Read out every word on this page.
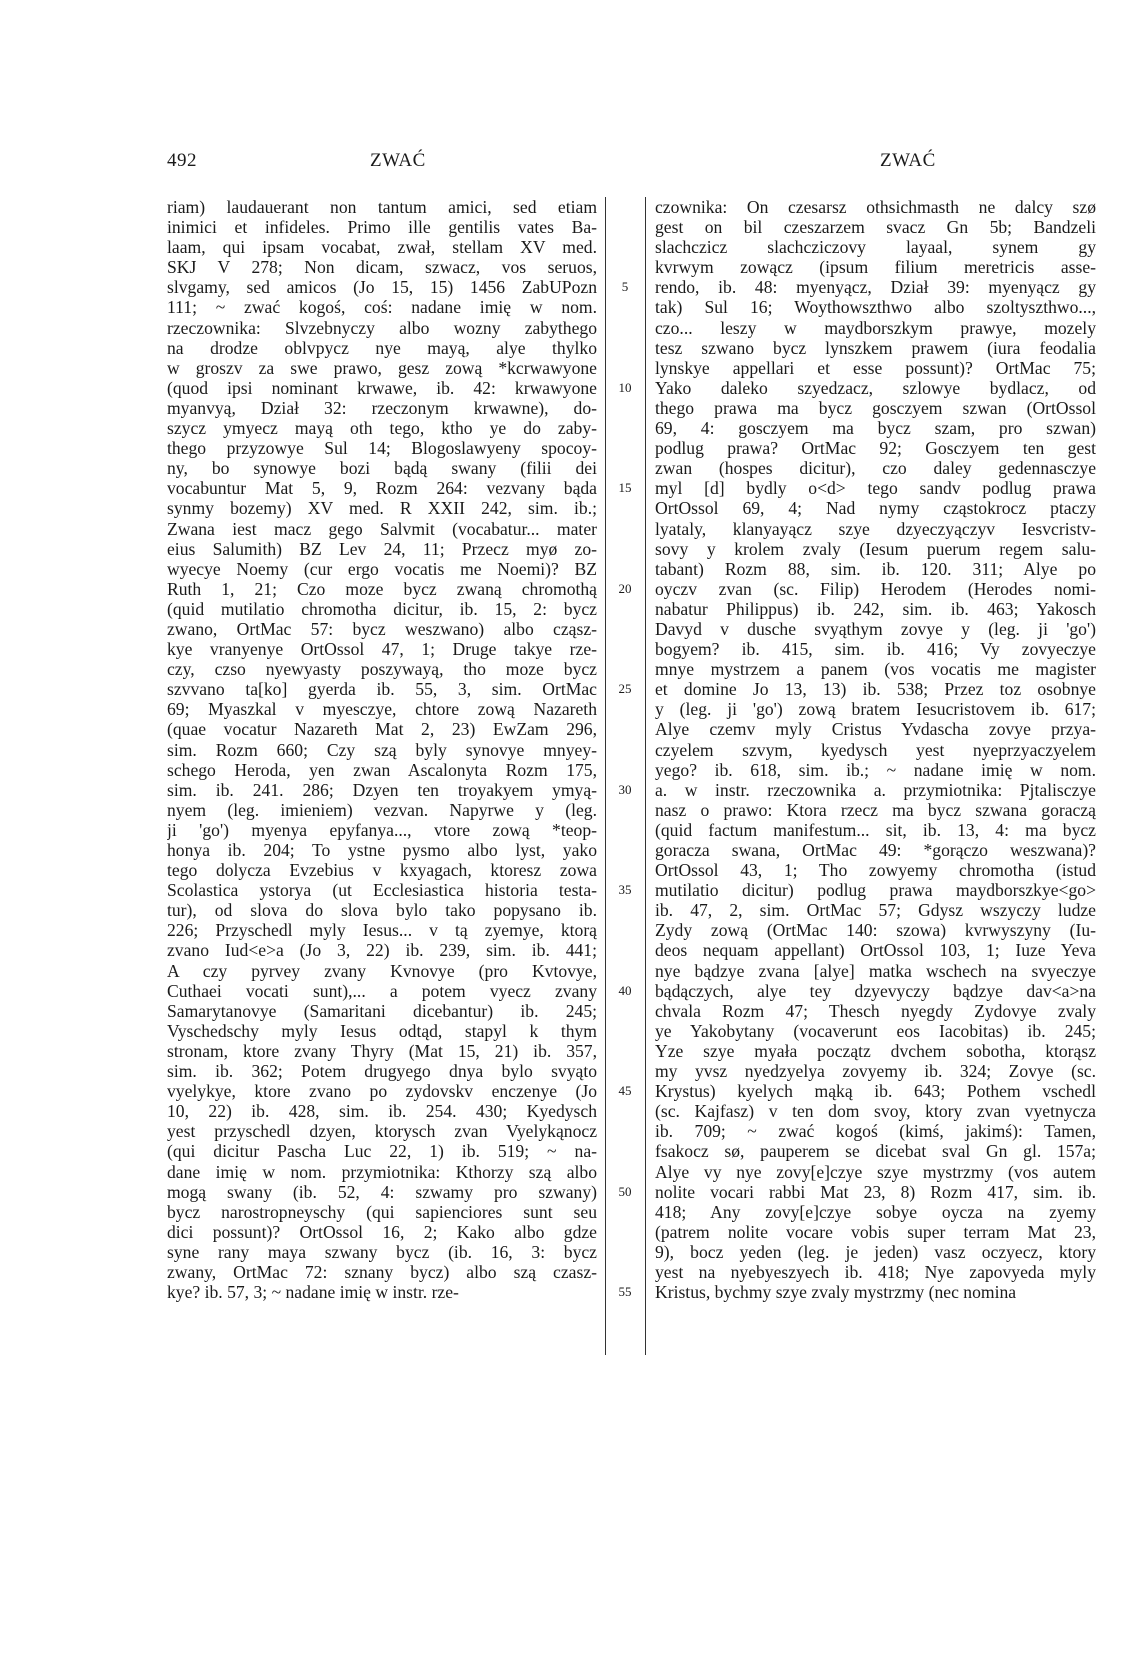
492	ZWAĆ	ZWAĆ
riam) laudauerant non tantum amici, sed etiam
inimici et infideles. Primo ille gentilis vates Ba-
laam, qui ipsam vocabat, zwał, stellam XV med.
SKJ V 278; Non dicam, szwacz, vos seruos,
slvgamy, sed amicos (Jo 15, 15) 1456 ZabUPozn
111; ~ zwać kogoś, coś: nadane imię w nom.
rzeczownika: Slvzebnyczy albo wozny zabythego
na drodze oblvpycz nye mayą, alye thylko
w groszv za swe prawo, gesz zową *kcrwawyone
(quod ipsi nominant krwawe, ib. 42: krwawyone
myanvyą, Dział 32: rzeczonym krwawne), do-
szycz ymyecz mayą oth tego, ktho ye do zaby-
thego przyzowye Sul 14; Blogoslawyeny spocoy-
ny, bo synowye bozi bądą swany (filii dei
vocabuntur Mat 5, 9, Rozm 264: vezvany bąda
synmy bozemy) XV med. R XXII 242, sim. ib.;
Zwana iest macz gego Salvmit (vocabatur... mater
eius Salumith) BZ Lev 24, 11; Przecz myø zo-
wyecye Noemy (cur ergo vocatis me Noemi)? BZ
Ruth 1, 21; Czo moze bycz zwaną chromothą
(quid mutilatio chromotha dicitur, ib. 15, 2: bycz
zwano, OrtMac 57: bycz weszwano) albo cząsz-
kye vranyenye OrtOssol 47, 1; Druge takye rze-
czy, czso nyewyasty poszywayą, tho moze bycz
szvvano ta[ko] gyerda ib. 55, 3, sim. OrtMac
69; Myaszkal v myesczye, chtore zową Nazareth
(quae vocatur Nazareth Mat 2, 23) EwZam 296,
sim. Rozm 660; Czy szą byly synovye mnyey-
schego Heroda, yen zwan Ascalonyta Rozm 175,
sim. ib. 241. 286; Dzyen ten troyakyem ymyą-
nyem (leg. imieniem) vezvan. Napyrwe y (leg.
ji 'go') myenya epyfanya..., vtore zową *teop-
honya ib. 204; To ystne pysmo albo lyst, yako
tego dolycza Evzebius v kxyagach, ktoresz zowa
Scolastica ystorya (ut Ecclesiastica historia testa-
tur), od slova do slova bylo tako popysano ib.
226; Przyschedl myly Iesus... v tą zyemye, ktorą
zvano Iud<e>a (Jo 3, 22) ib. 239, sim. ib. 441;
A czy pyrvey zvany Kvnovye (pro Kvtovye,
Cuthaei vocati sunt),... a potem vyecz zvany
Samarytanovye (Samaritani dicebantur) ib. 245;
Vyschedschy myly Iesus odtąd, stapyl k thym
stronam, ktore zvany Thyry (Mat 15, 21) ib. 357,
sim. ib. 362; Potem drugyego dnya bylo svyąto
vyelykye, ktore zvano po zydovskv enczenye (Jo
10, 22) ib. 428, sim. ib. 254. 430; Kyedysch
yest przyschedl dzyen, ktorysch zvan Vyelykąnocz
(qui dicitur Pascha Luc 22, 1) ib. 519; ~ na-
dane imię w nom. przymiotnika: Kthorzy szą albo
mogą swany (ib. 52, 4: szwamy pro szwany)
bycz narostropneyschy (qui sapienciores sunt seu
dici possunt)? OrtOssol 16, 2; Kako albo gdze
syne rany maya szwany bycz (ib. 16, 3: bycz
zwany, OrtMac 72: sznany bycz) albo szą czasz-
kye? ib. 57, 3; ~ nadane imię w instr. rze-
5
10
15
20
25
30
35
40
45
50
55
czownika: On czesarsz othsichmasth ne dalcy szø
gest on bil czeszarzem svacz Gn 5b; Bandzeli
slachczicz slachcziczovy layaal, synem gy
kvrwym zowącz (ipsum filium meretricis asse-
rendo, ib. 48: myenyącz, Dział 39: myenyącz gy
tak) Sul 16; Woythowszthwo albo szoltyszthwo...,
czo... leszy w maydborszkym prawye, mozely
tesz szwano bycz lynszkem prawem (iura feodalia
lynskye appellari et esse possunt)? OrtMac 75;
Yako daleko szyedzacz, szlowye bydlacz, od
thego prawa ma bycz gosczyem szwan (OrtOssol
69, 4: gosczyem ma bycz szam, pro szwan)
podlug prawa? OrtMac 92; Gosczyem ten gest
zwan (hospes dicitur), czo daley gedennasczye
myl [d] bydly o<d> tego sandv podlug prawa
OrtOssol 69, 4; Nad nymy cząstokrocz ptaczy
lyataly, klanyayącz szye dzyeczyączyv Iesvcristv-
sovy y krolem zvaly (Iesum puerum regem salu-
tabant) Rozm 88, sim. ib. 120. 311; Alye po
oyczv zvan (sc. Filip) Herodem (Herodes nomi-
nabatur Philippus) ib. 242, sim. ib. 463; Yakosch
Davyd v dusche svyąthym zovye y (leg. ji 'go')
bogyem? ib. 415, sim. ib. 416; Vy zovyeczye
mnye mystrzem a panem (vos vocatis me magister
et domine Jo 13, 13) ib. 538; Przez toz osobnye
y (leg. ji 'go') zową bratem Iesucristovem ib. 617;
Alye czemv myly Cristus Yvdascha zovye przya-
czyelem szvym, kyedysch yest nyeprzyaczyelem
yego? ib. 618, sim. ib.; ~ nadane imię w nom.
a. w instr. rzeczownika a. przymiotnika: Pjtalisczye
nasz o prawo: Ktora rzecz ma bycz szwana goraczą
(quid factum manifestum... sit, ib. 13, 4: ma bycz
goracza swana, OrtMac 49: *gorączo weszwana)?
OrtOssol 43, 1; Tho zowyemy chromotha (istud
mutilatio dicitur) podlug prawa maydborszkye<go>
ib. 47, 2, sim. OrtMac 57; Gdysz wszyczy ludze
Zydy zową (OrtMac 140: szowa) kvrwyszyny (Iu-
deos nequam appellant) OrtOssol 103, 1; Iuze Yeva
nye bądzye zvana [alye] matka wschech na svyeczye
bądączych, alye tey dzyevyczy bądzye dav<a>na
chvala Rozm 47; Thesch nyegdy Zydovye zvaly
ye Yakobytany (vocaverunt eos Iacobitas) ib. 245;
Yze szye myała początz dvchem sobotha, ktorąsz
my yvsz nyedzyelya zovyemy ib. 324; Zovye (sc.
Krystus) kyelych mąką ib. 643; Pothem vschedl
(sc. Kajfasz) v ten dom svoy, ktory zvan vyetnycza
ib. 709; ~ zwać kogoś (kimś, jakimś): Tamen,
fsakocz sø, pauperem se dicebat sval Gn gl. 157a;
Alye vy nye zovy[e]czye szye mystrzmy (vos autem
nolite vocari rabbi Mat 23, 8) Rozm 417, sim. ib.
418; Any zovy[e]czye sobye oycza na zyemy
(patrem nolite vocare vobis super terram Mat 23,
9), bocz yeden (leg. je jeden) vasz oczyecz, ktory
yest na nyebyeszyech ib. 418; Nye zapovyeda myly
Kristus, bychmy szye zvaly mystrzmy (nec nomina
